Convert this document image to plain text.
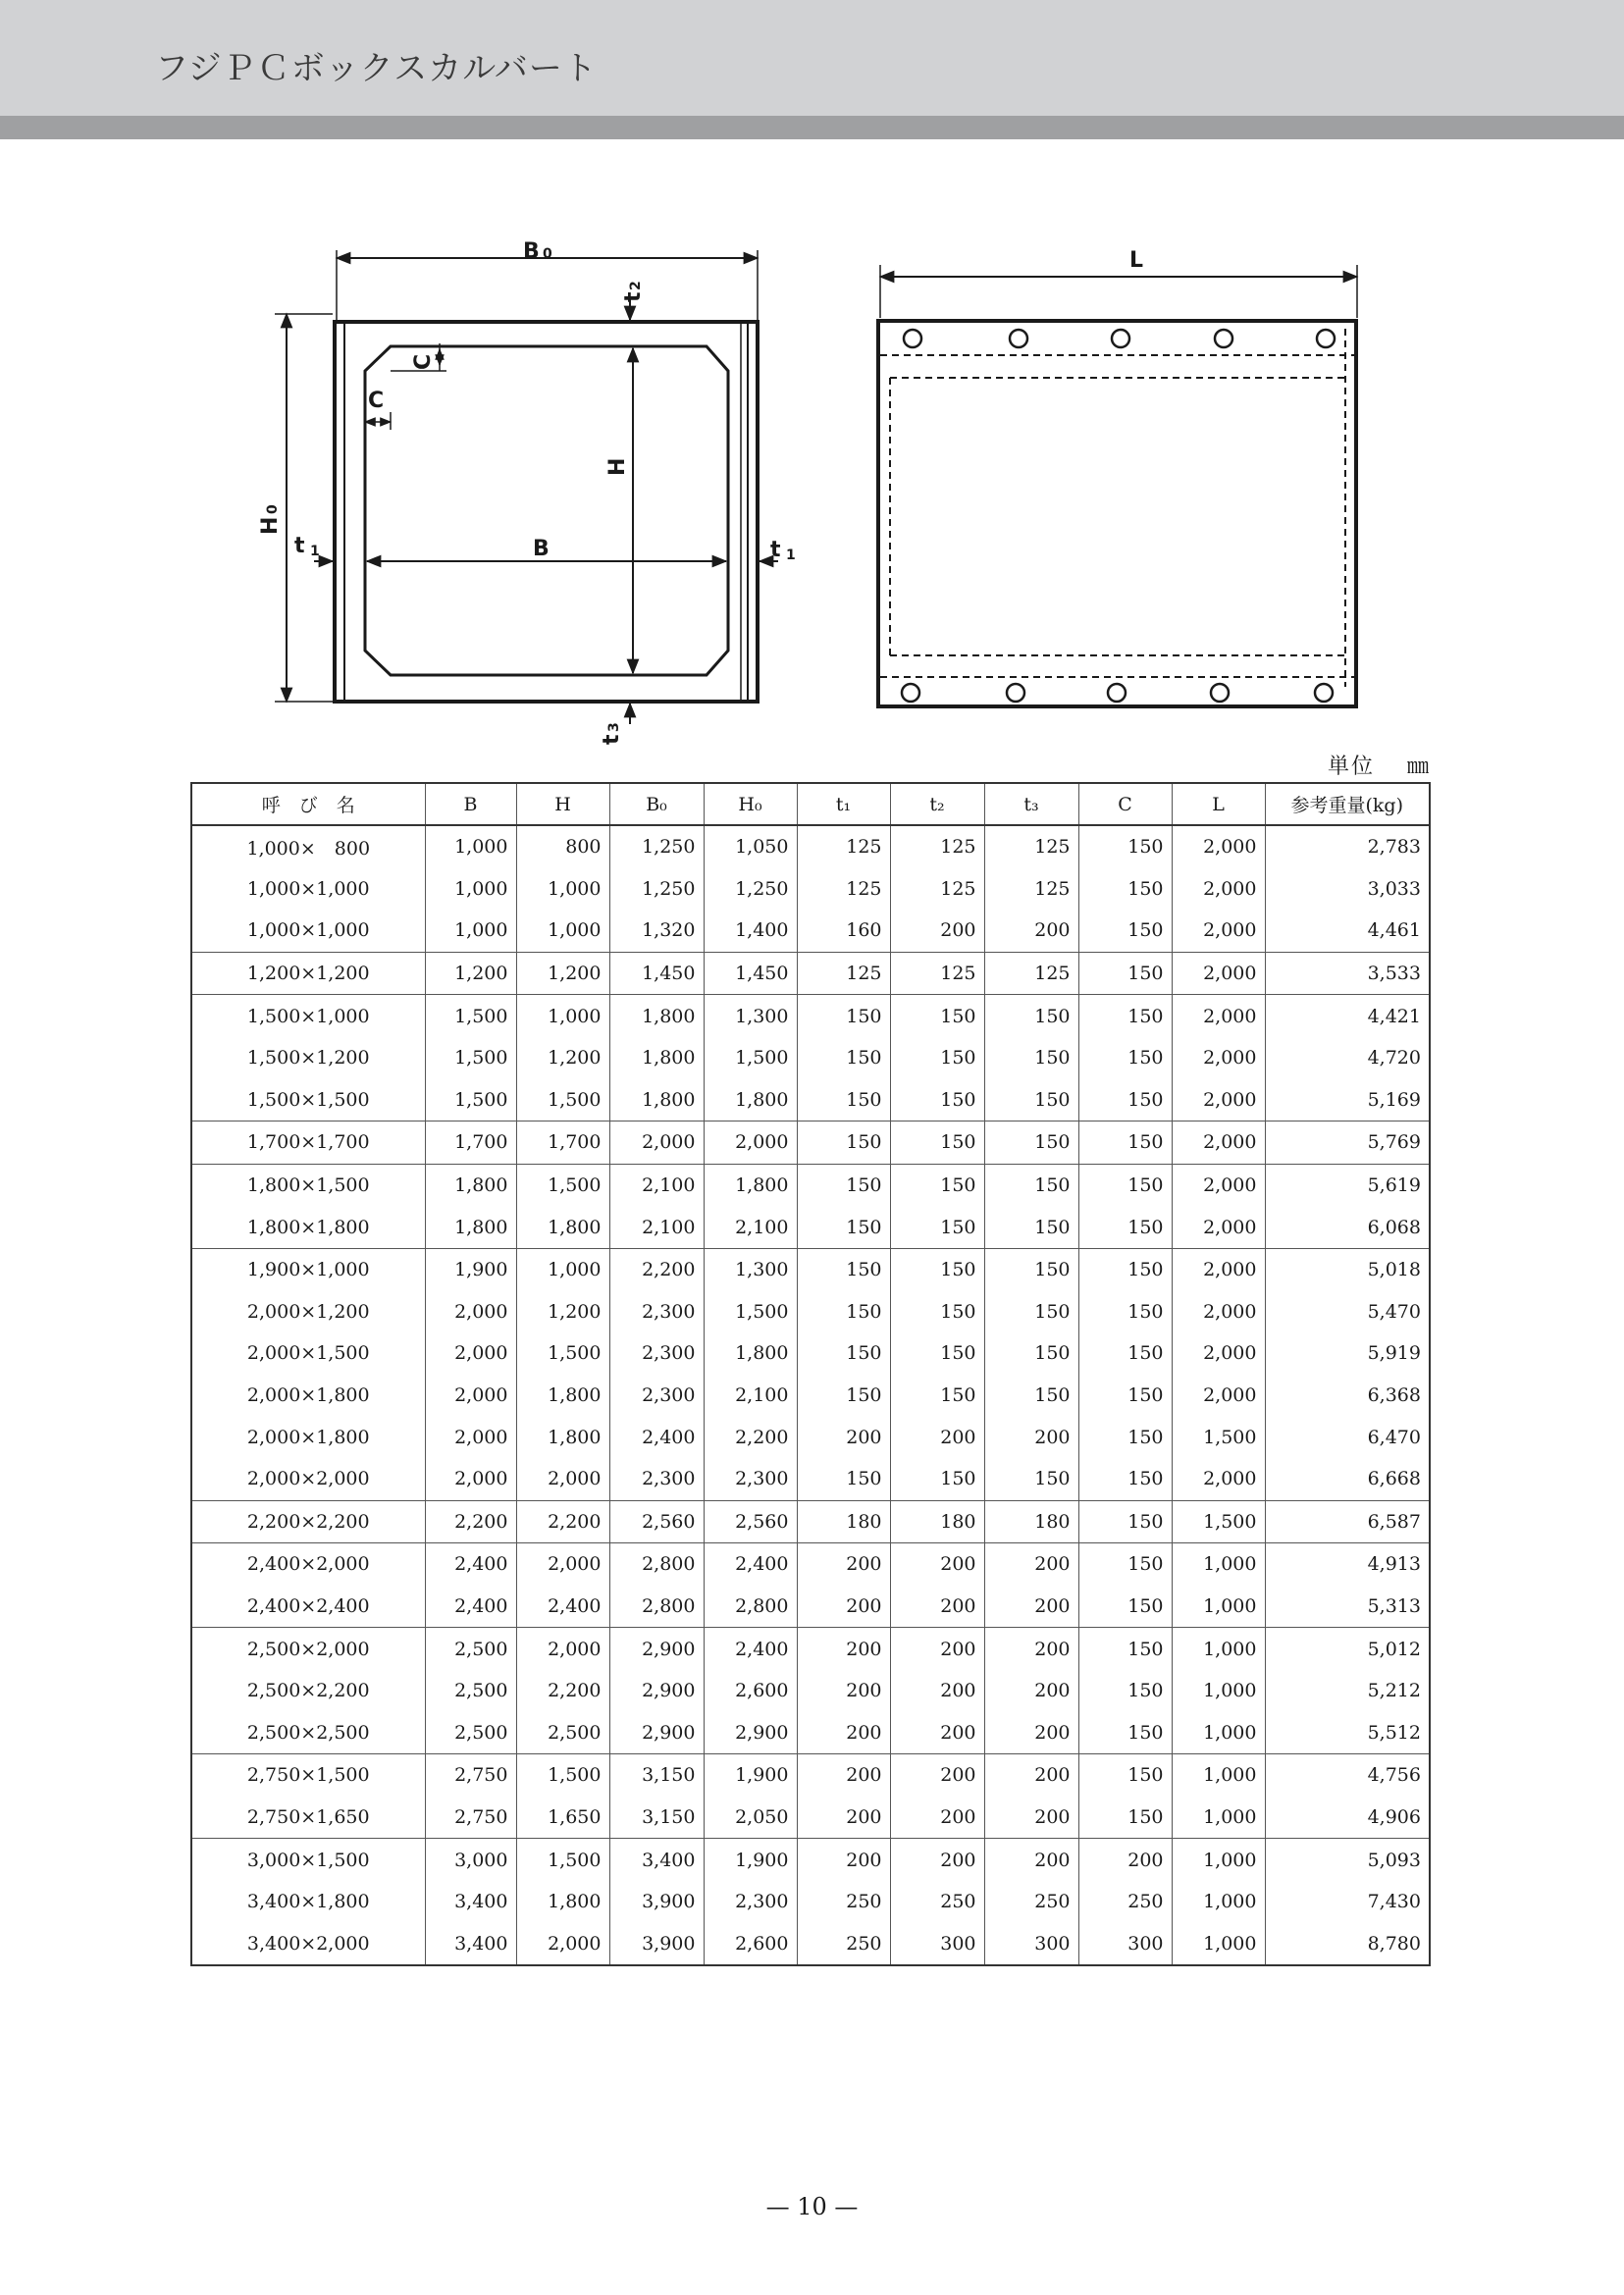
フジＰＣボックスカルバート
B 0
H
0
t 1	t 1
t
2
t
3
C
C
H
B
L
単位　 ㎜
呼　び　名	B	H	B₀	H₀	t₁	t₂	t₃	C	L	参考重量(kg)
1,000×　800	1,000	800	1,250	1,050	125	125	125	150	2,000	2,783
1,000×1,000	1,000	1,000	1,250	1,250	125	125	125	150	2,000	3,033
1,000×1,000	1,000	1,000	1,320	1,400	160	200	200	150	2,000	4,461
1,200×1,200	1,200	1,200	1,450	1,450	125	125	125	150	2,000	3,533
1,500×1,000	1,500	1,000	1,800	1,300	150	150	150	150	2,000	4,421
1,500×1,200	1,500	1,200	1,800	1,500	150	150	150	150	2,000	4,720
1,500×1,500	1,500	1,500	1,800	1,800	150	150	150	150	2,000	5,169
1,700×1,700	1,700	1,700	2,000	2,000	150	150	150	150	2,000	5,769
1,800×1,500	1,800	1,500	2,100	1,800	150	150	150	150	2,000	5,619
1,800×1,800	1,800	1,800	2,100	2,100	150	150	150	150	2,000	6,068
1,900×1,000	1,900	1,000	2,200	1,300	150	150	150	150	2,000	5,018
2,000×1,200	2,000	1,200	2,300	1,500	150	150	150	150	2,000	5,470
2,000×1,500	2,000	1,500	2,300	1,800	150	150	150	150	2,000	5,919
2,000×1,800	2,000	1,800	2,300	2,100	150	150	150	150	2,000	6,368
2,000×1,800	2,000	1,800	2,400	2,200	200	200	200	150	1,500	6,470
2,000×2,000	2,000	2,000	2,300	2,300	150	150	150	150	2,000	6,668
2,200×2,200	2,200	2,200	2,560	2,560	180	180	180	150	1,500	6,587
2,400×2,000	2,400	2,000	2,800	2,400	200	200	200	150	1,000	4,913
2,400×2,400	2,400	2,400	2,800	2,800	200	200	200	150	1,000	5,313
2,500×2,000	2,500	2,000	2,900	2,400	200	200	200	150	1,000	5,012
2,500×2,200	2,500	2,200	2,900	2,600	200	200	200	150	1,000	5,212
2,500×2,500	2,500	2,500	2,900	2,900	200	200	200	150	1,000	5,512
2,750×1,500	2,750	1,500	3,150	1,900	200	200	200	150	1,000	4,756
2,750×1,650	2,750	1,650	3,150	2,050	200	200	200	150	1,000	4,906
3,000×1,500	3,000	1,500	3,400	1,900	200	200	200	200	1,000	5,093
3,400×1,800	3,400	1,800	3,900	2,300	250	250	250	250	1,000	7,430
3,400×2,000	3,400	2,000	3,900	2,600	250	300	300	300	1,000	8,780
— 10 —
